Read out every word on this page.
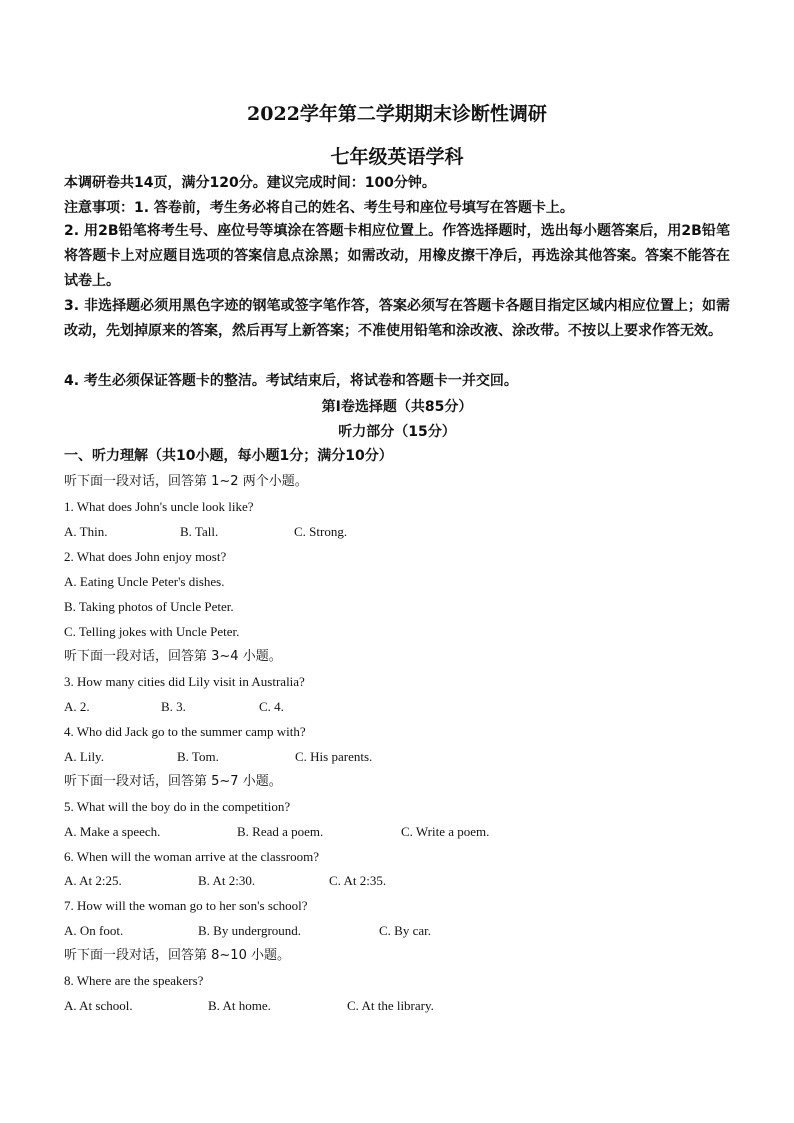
2022学年第二学期期末诊断性调研
七年级英语学科
本调研卷共14页，满分120分。建议完成时间：100分钟。
注意事项：1. 答卷前，考生务必将自己的姓名、考生号和座位号填写在答题卡上。
2. 用2B铅笔将考生号、座位号等填涂在答题卡相应位置上。作答选择题时，选出每小题答案后，用2B铅笔将答题卡上对应题目选项的答案信息点涂黑；如需改动，用橡皮擦干净后，再选涂其他答案。答案不能答在试卷上。
3. 非选择题必须用黑色字迹的钢笔或签字笔作答，答案必须写在答题卡各题目指定区域内相应位置上；如需改动，先划掉原来的答案，然后再写上新答案；不准使用铅笔和涂改液、涂改带。不按以上要求作答无效。
4. 考生必须保证答题卡的整洁。考试结束后，将试卷和答题卡一并交回。
第Ⅰ卷选择题（共85分）
听力部分（15分）
一、听力理解（共10小题，每小题1分；满分10分）
听下面一段对话，回答第 1~2 两个小题。
1. What does John's uncle look like?
A. Thin.	B. Tall.	C. Strong.
2. What does John enjoy most?
A. Eating Uncle Peter's dishes.
B. Taking photos of Uncle Peter.
C. Telling jokes with Uncle Peter.
听下面一段对话，回答第 3~4 小题。
3. How many cities did Lily visit in Australia?
A. 2.	B. 3.	C. 4.
4. Who did Jack go to the summer camp with?
A. Lily.	B. Tom.	C. His parents.
听下面一段对话，回答第 5~7 小题。
5. What will the boy do in the competition?
A. Make a speech.	B. Read a poem.	C. Write a poem.
6. When will the woman arrive at the classroom?
A. At 2:25.	B. At 2:30.	C. At 2:35.
7. How will the woman go to her son's school?
A. On foot.	B. By underground.	C. By car.
听下面一段对话，回答第 8~10 小题。
8. Where are the speakers?
A. At school.	B. At home.	C. At the library.
